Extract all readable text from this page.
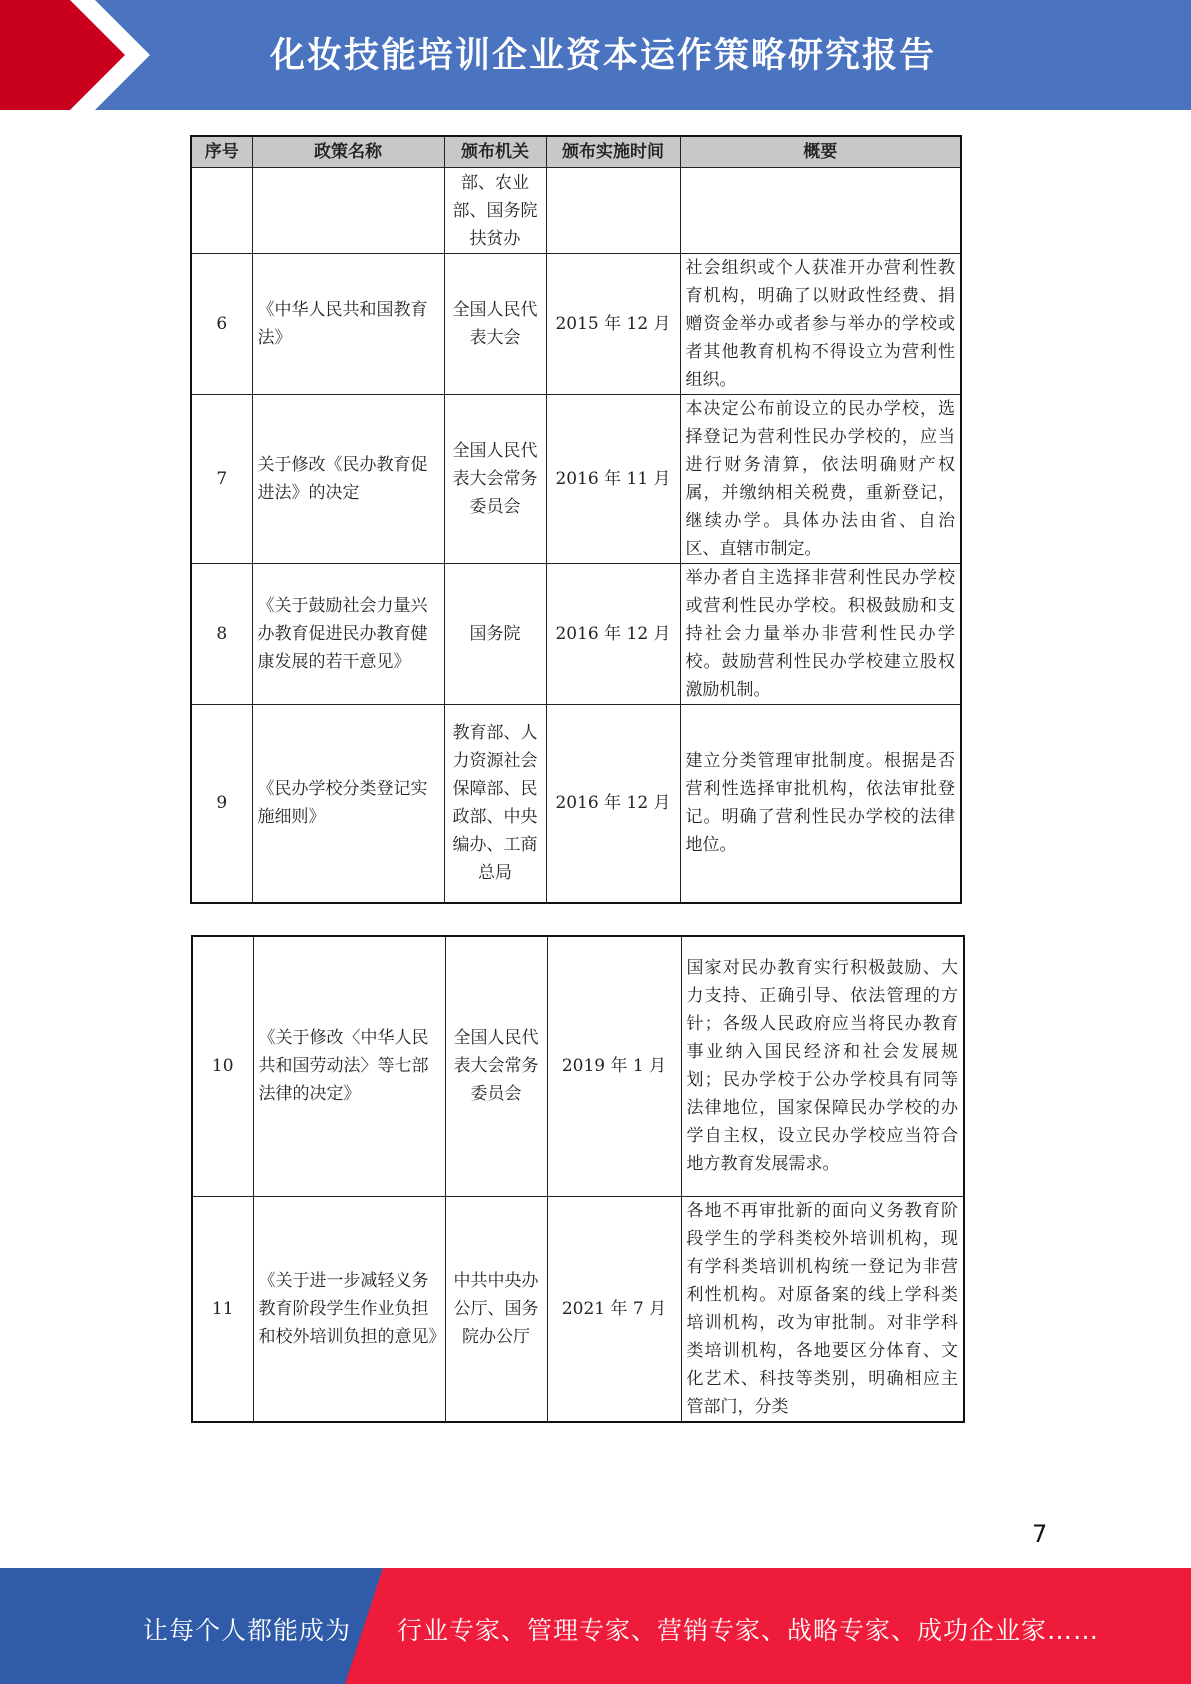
化妆技能培训企业资本运作策略研究报告
序号	政策名称	颁布机关	颁布实施时间	概要
		部、农业部、国务院扶贫办		
6	《中华人民共和国教育法》	全国人民代表大会	2015 年 12 月	社会组织或个人获准开办营利性教育机构，明确了以财政性经费、捐赠资金举办或者参与举办的学校或者其他教育机构不得设立为营利性组织。
7	关于修改《民办教育促进法》的决定	全国人民代表大会常务委员会	2016 年 11 月	本决定公布前设立的民办学校，选择登记为营利性民办学校的，应当进行财务清算，依法明确财产权属，并缴纳相关税费，重新登记，继续办学。具体办法由省、自治区、直辖市制定。
8	《关于鼓励社会力量兴办教育促进民办教育健康发展的若干意见》	国务院	2016 年 12 月	举办者自主选择非营利性民办学校或营利性民办学校。积极鼓励和支持社会力量举办非营利性民办学校。鼓励营利性民办学校建立股权激励机制。
9	《民办学校分类登记实施细则》	教育部、人力资源社会保障部、民政部、中央编办、工商总局	2016 年 12 月	建立分类管理审批制度。根据是否营利性选择审批机构，依法审批登记。明确了营利性民办学校的法律地位。
10	《关于修改〈中华人民共和国劳动法〉等七部法律的决定》	全国人民代表大会常务委员会	2019 年 1 月	国家对民办教育实行积极鼓励、大力支持、正确引导、依法管理的方针；各级人民政府应当将民办教育事业纳入国民经济和社会发展规划；民办学校于公办学校具有同等法律地位，国家保障民办学校的办学自主权，设立民办学校应当符合地方教育发展需求。
11	《关于进一步减轻义务教育阶段学生作业负担和校外培训负担的意见》	中共中央办公厅、国务院办公厅	2021 年 7 月	各地不再审批新的面向义务教育阶段学生的学科类校外培训机构，现有学科类培训机构统一登记为非营利性机构。对原备案的线上学科类培训机构，改为审批制。对非学科类培训机构，各地要区分体育、文化艺术、科技等类别，明确相应主管部门，分类
7
让每个人都能成为 行业专家、管理专家、营销专家、战略专家、成功企业家……
